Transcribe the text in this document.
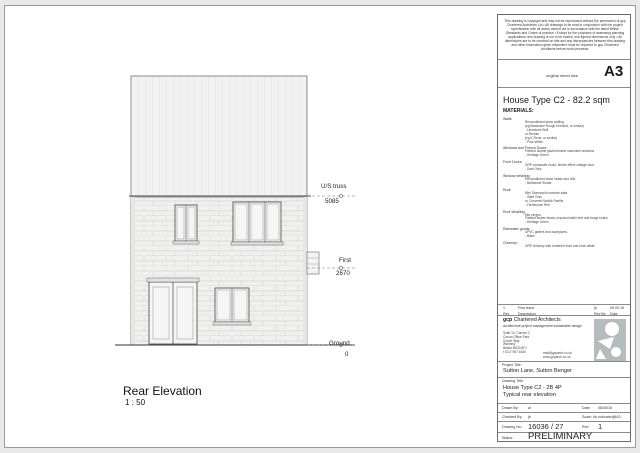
U/S truss
5085
First
2670
Ground
0
Rear Elevation
1 : 50
This drawing is copyright and may not be reproduced without the permission of gcp Chartered Architects Ltd • All drawings to be read in conjunction with the project specification with all works carried out in accordance with the latest British Standards and Codes of practice • Except for the purposes of assessing planning applications; this drawing is not to be scaled, use figured dimensions only • All dimensions are to be checked on site and any discrepancies between this drawing and other information given elsewhere must be reported to gcp Chartered Architects before work proceeds.
original sheet size A3
House Type C2 - 82.2 sqm
MATERIALS:
Walls:
Reconstituted stone walling
(eg Bradstone Rough Dressed, or similar)
- Limestone Buff
or Render
(eg K-Rend, or similar)
- Pure White
Windows and French Doors:
Painted double glazed timber casement windows
- Heritage Green
Front Doors:
GRP composite doors, timber effect cottage door.
- Dark Grey
Window detailing:
Reconstituted stone heads and cills.
- Bathstone Shade
Roof:
Mini Stonewold concrete slate
- Slate Grey
or Concrete Norfolk Pantile
- Farmhouse Red
Roof detailing:
Mid verges.
Painted timber fascia, exposed rafter feet and barge board.
- Heritage Green
Rainwater goods:
UPVC gutters and downpipes.
- Black
Chimney:
GRP chimney with rendered front and brick detail.
1	First issue	jb	09.09.16
Rev Description	Rev By Date
gcp Chartered Architects
architecture project management sustainable design
Suite 10, Carrum 2
Corum Office Park
Crown Way
Warmley
Bristol BS30 8FJ
t 0117 967 6346	mail@gcparch.co.uk
www.gcparch.co.uk
Project Title:
Sutton Lane, Sutton Benger
Drawing Title:
House Type C2 - 2B 4P
Typical rear elevation
Drawn By:	al	Date: 06/05/16
Checked By: jb	Scale: As indicated@A3
Drawing No: 16036 / 27	Rev: 1
Status: PRELIMINARY
